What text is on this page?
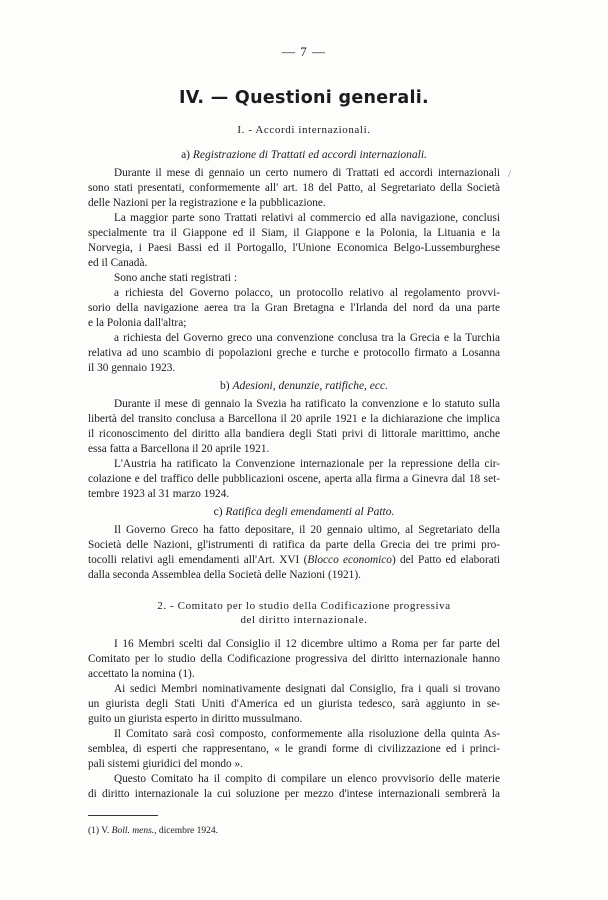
— 7 —
IV. — Questioni generali.
I. - Accordi internazionali.
a) Registrazione di Trattati ed accordi internazionali.
/
Durante il mese di gennaio un certo numero di Trattati ed accordi internazionali
sono stati presentati, conformemente all' art. 18 del Patto, al Segretariato della Società
delle Nazioni per la registrazione e la pubblicazione.
La maggior parte sono Trattati relativi al commercio ed alla navigazione, conclusi
specialmente tra il Giappone ed il Siam, il Giappone e la Polonia, la Lituania e la
Norvegia, i Paesi Bassi ed il Portogallo, l'Unione Economica Belgo-Lussemburghese
ed il Canadà.
Sono anche stati registrati :
a richiesta del Governo polacco, un protocollo relativo al regolamento provvi-
sorio della navigazione aerea tra la Gran Bretagna e l'Irlanda del nord da una parte
e la Polonia dall'altra;
a richiesta del Governo greco una convenzione conclusa tra la Grecia e la Turchia
relativa ad uno scambio di popolazioni greche e turche e protocollo firmato a Losanna
il 30 gennaio 1923.
b) Adesioni, denunzie, ratifiche, ecc.
Durante il mese di gennaio la Svezia ha ratificato la convenzione e lo statuto sulla
libertà del transito conclusa a Barcellona il 20 aprile 1921 e la dichiarazione che implica
il riconoscimento del diritto alla bandiera degli Stati privi di littorale marittimo, anche
essa fatta a Barcellona il 20 aprile 1921.
L'Austria ha ratificato la Convenzione internazionale per la repressione della cir-
colazione e del traffico delle pubblicazioni oscene, aperta alla firma a Ginevra dal 18 set-
tembre 1923 al 31 marzo 1924.
c) Ratifica degli emendamenti al Patto.
Il Governo Greco ha fatto depositare, il 20 gennaio ultimo, al Segretariato della
Società delle Nazioni, gl'istrumenti di ratifica da parte della Grecia dei tre primi pro-
tocolli relativi agli emendamenti all'Art. XVI (Blocco economico) del Patto ed elaborati
dalla seconda Assemblea della Società delle Nazioni (1921).
2. - Comitato per lo studio della Codificazione progressiva
del diritto internazionale.
I 16 Membri scelti dal Consiglio il 12 dicembre ultimo a Roma per far parte del
Comitato per lo studio della Codificazione progressiva del diritto internazionale hanno
accettato la nomina (1).
Ai sedici Membri nominativamente designati dal Consiglio, fra i quali si trovano
un giurista degli Stati Uniti d'America ed un giurista tedesco, sarà aggiunto in se-
guito un giurista esperto in diritto mussulmano.
Il Comitato sarà così composto, conformemente alla risoluzione della quinta As-
semblea, di esperti che rappresentano, « le grandi forme di civilizzazione ed i princi-
pali sistemi giuridici del mondo ».
Questo Comitato ha il compito di compilare un elenco provvisorio delle materie
di diritto internazionale la cui soluzione per mezzo d'intese internazionali sembrerà la
(1) V. Boll. mens., dicembre 1924.
